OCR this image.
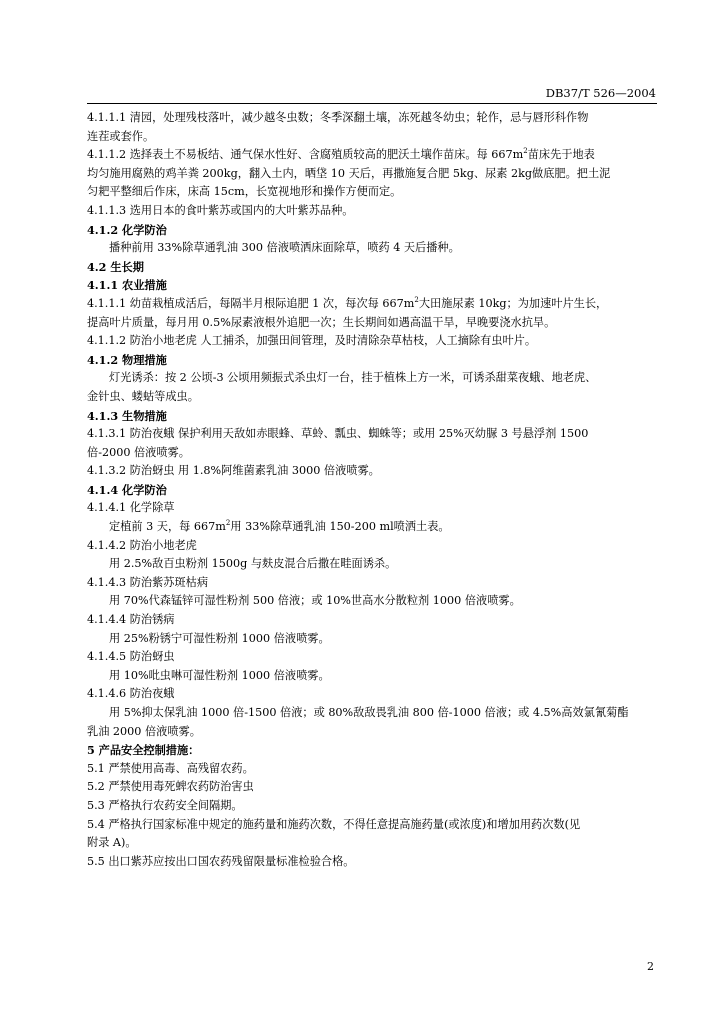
DB37/T 526—2004

4.1.1.1 清园，处理残枝落叶，减少越冬虫数；冬季深翻土壤，冻死越冬幼虫；轮作，忌与唇形科作物

连茬或套作。

4.1.1.2 选择表土不易板结、通气保水性好、含腐殖质较高的肥沃土壤作苗床。每 $667m^2$苗床先于地表

均匀施用腐熟的鸡羊粪 200kg，翻入土内，晒垡 10 天后，再撒施复合肥 5kg、尿素 2kg做底肥。把土泥

匀耙平整细后作床，床高 15cm，长宽视地形和操作方便而定。

4.1.1.3 选用日本的食叶紫苏或国内的大叶紫苏品种。

4.1.2 化学防治

播种前用 33%除草通乳油 300 倍液喷洒床面除草，喷药 4 天后播种。

4.2 生长期

4.1.1 农业措施

4.1.1.1 幼苗栽植成活后，每隔半月根际追肥 1 次，每次每 $667m^2$大田施尿素 10kg；为加速叶片生长，

提高叶片质量，每月用 0.5%尿素液根外追肥一次；生长期间如遇高温干旱，早晚要浇水抗旱。

4.1.1.2 防治小地老虎 人工捕杀，加强田间管理，及时清除杂草枯枝，人工摘除有虫叶片。

4.1.2 物理措施

灯光诱杀：按 2 公顷-3 公顷用频振式杀虫灯一台，挂于植株上方一米，可诱杀甜菜夜蛾、地老虎、

金针虫、蝼蛄等成虫。

4.1.3 生物措施

4.1.3.1 防治夜蛾 保护利用天敌如赤眼蜂、草蛉、瓢虫、蜘蛛等；或用 25%灭幼脲 3 号悬浮剂 1500

倍-2000 倍液喷雾。

4.1.3.2 防治蚜虫 用 1.8%阿维菌素乳油 3000 倍液喷雾。

4.1.4 化学防治

4.1.4.1 化学除草

定植前 3 天，每 $667m^2$用 33%除草通乳油 150-200 ml喷洒土表。

4.1.4.2 防治小地老虎

用 2.5%敌百虫粉剂 1500g 与麸皮混合后撒在畦面诱杀。

4.1.4.3 防治紫苏斑枯病

用 70%代森锰锌可湿性粉剂 500 倍液；或 10%世高水分散粒剂 1000 倍液喷雾。

4.1.4.4 防治锈病

用 25%粉锈宁可湿性粉剂 1000 倍液喷雾。

4.1.4.5 防治蚜虫

用 10%吡虫啉可湿性粉剂 1000 倍液喷雾。

4.1.4.6 防治夜蛾

用 5%抑太保乳油 1000 倍-1500 倍液；或 80%敌敌畏乳油 800 倍-1000 倍液；或 4.5%高效氯氰菊酯

乳油 2000 倍液喷雾。

5 产品安全控制措施：

5.1 严禁使用高毒、高残留农药。

5.2 严禁使用毒死蜱农药防治害虫

5.3 严格执行农药安全间隔期。

5.4 严格执行国家标准中规定的施药量和施药次数，不得任意提高施药量(或浓度)和增加用药次数(见

附录 A)。

5.5 出口紫苏应按出口国农药残留限量标准检验合格。

2
